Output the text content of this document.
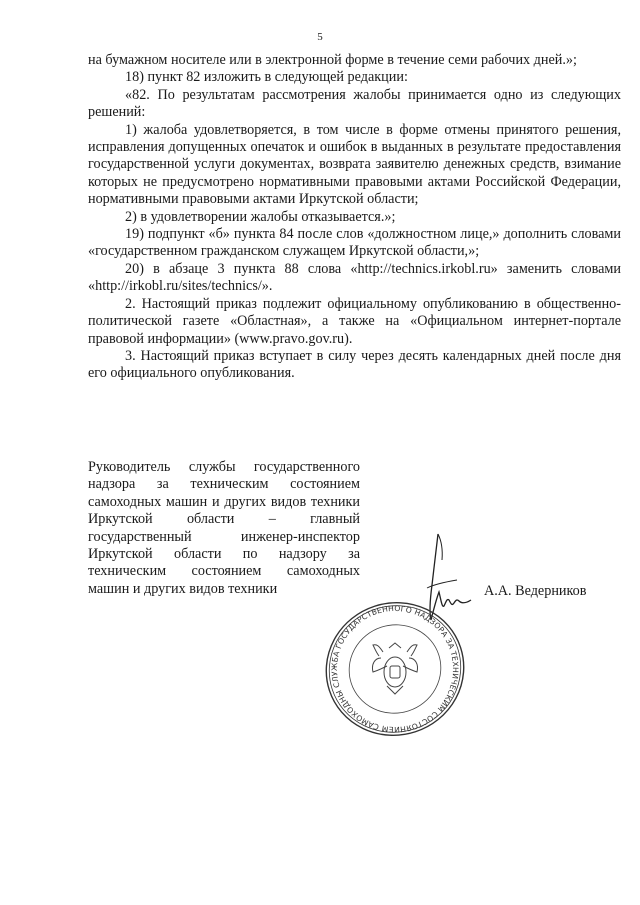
5

на бумажном носителе или в электронной форме в течение семи рабочих дней.»;

18) пункт 82 изложить в следующей редакции:

«82. По результатам рассмотрения жалобы принимается одно из следующих решений:

1) жалоба удовлетворяется, в том числе в форме отмены принятого решения, исправления допущенных опечаток и ошибок в выданных в результате предоставления государственной услуги документах, возврата заявителю денежных средств, взимание которых не предусмотрено нормативными правовыми актами Российской Федерации, нормативными правовыми актами Иркутской области;

2) в удовлетворении жалобы отказывается.»;

19) подпункт «б» пункта 84 после слов «должностном лице,» дополнить словами «государственном гражданском служащем Иркутской области,»;

20) в абзаце 3 пункта 88 слова «http://technics.irkobl.ru» заменить словами «http://irkobl.ru/sites/technics/».

2. Настоящий приказ подлежит официальному опубликованию в общественно-политической газете «Областная», а также на «Официальном интернет-портале правовой информации» (www.pravo.gov.ru).

3. Настоящий приказ вступает в силу через десять календарных дней после дня его официального опубликования.

Руководитель службы государственного надзора за техническим состоянием самоходных машин и других видов техники Иркутской области – главный государственный инженер-инспектор Иркутской области по надзору за техническим состоянием самоходных машин и других видов техники
СЛУЖБА ГОСУДАРСТВЕННОГО НАДЗОРА ЗА ТЕХНИЧЕСКИМ СОСТОЯНИЕМ САМОХОДНЫХ
А.А. Ведерников
